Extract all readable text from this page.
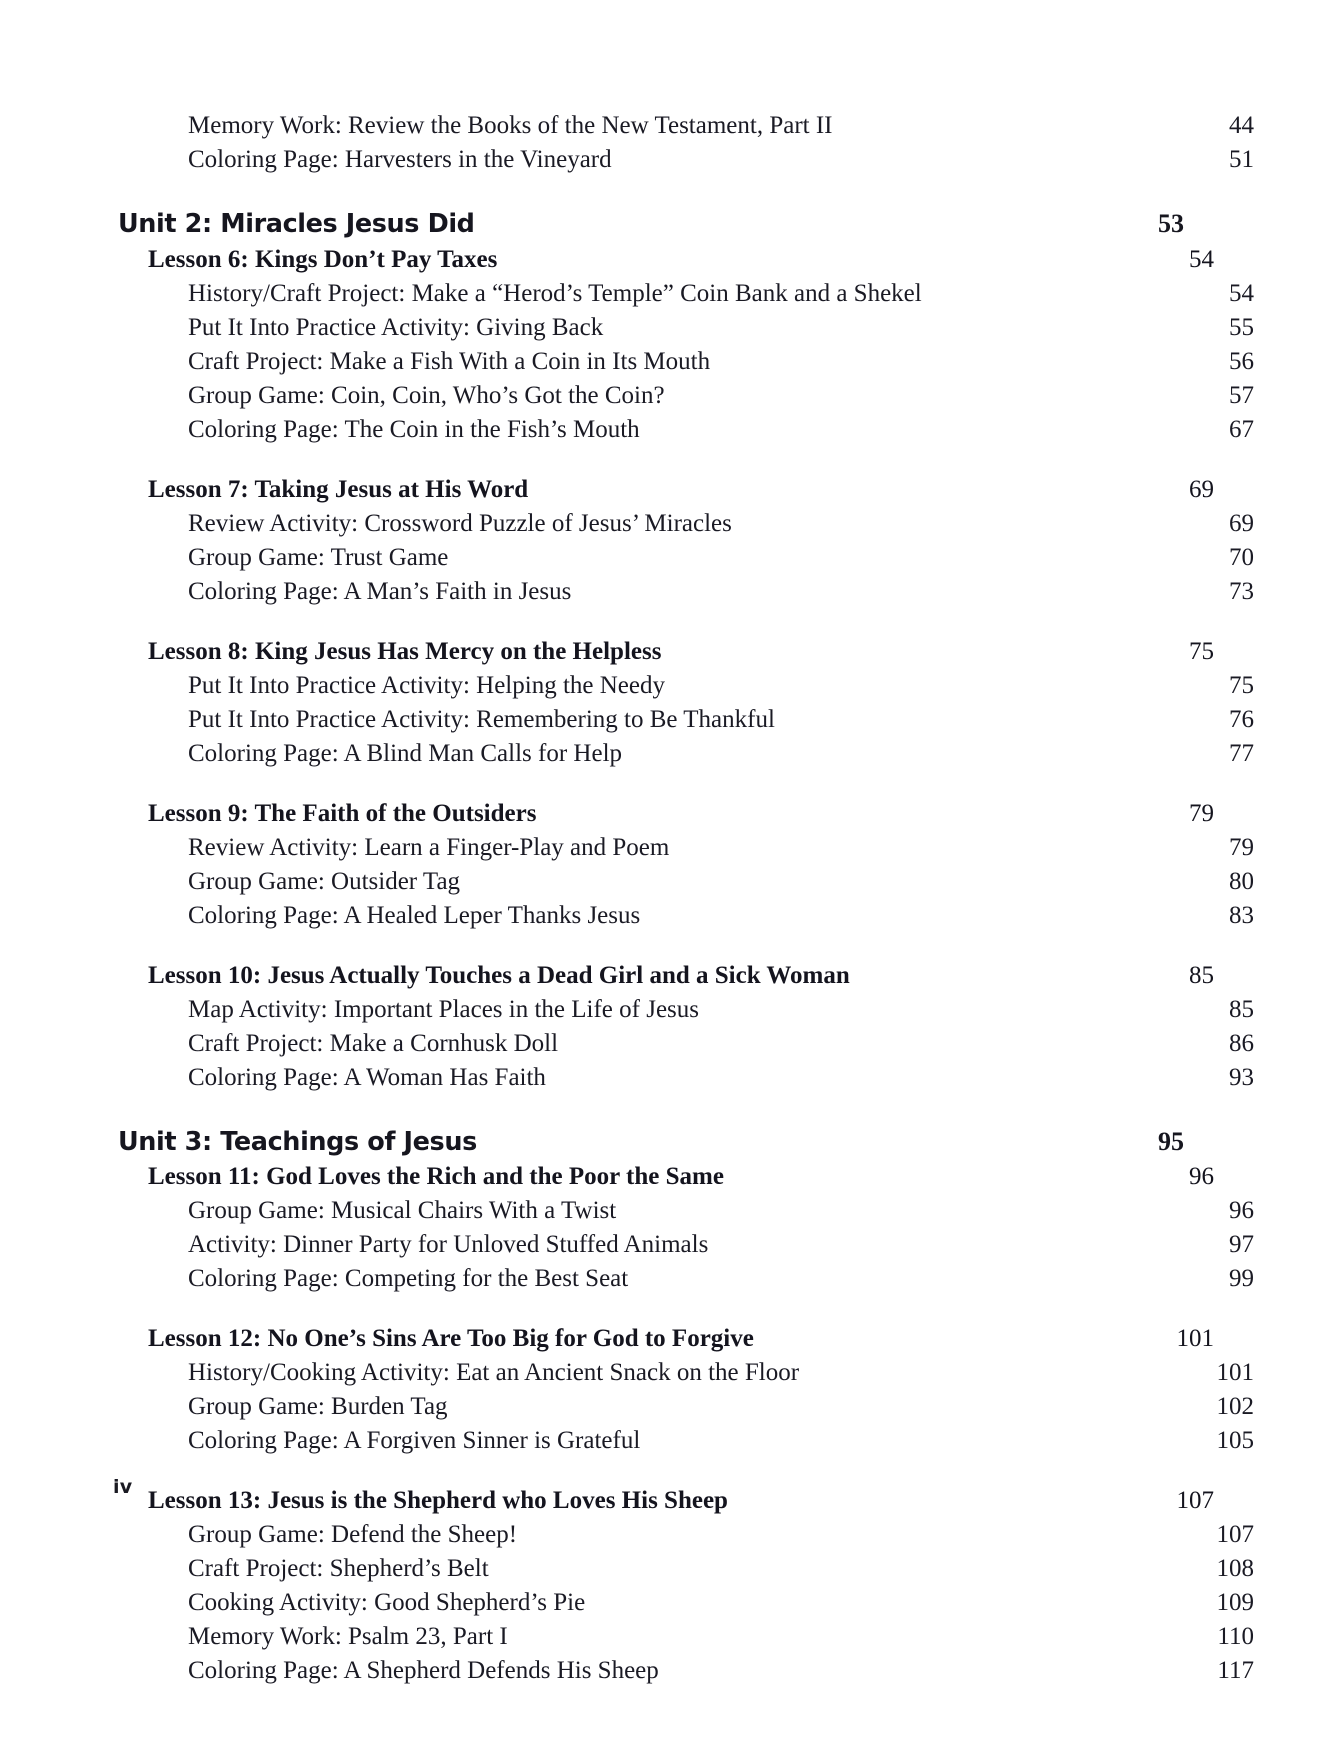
Memory Work: Review the Books of the New Testament, Part II	44
Coloring Page: Harvesters in the Vineyard	51
Unit 2: Miracles Jesus Did	53
Lesson 6: Kings Don’t Pay Taxes	54
History/Craft Project: Make a “Herod’s Temple” Coin Bank and a Shekel	54
Put It Into Practice Activity: Giving Back	55
Craft Project: Make a Fish With a Coin in Its Mouth	56
Group Game: Coin, Coin, Who’s Got the Coin?	57
Coloring Page: The Coin in the Fish’s Mouth	67
Lesson 7: Taking Jesus at His Word	69
Review Activity: Crossword Puzzle of Jesus’ Miracles	69
Group Game: Trust Game	70
Coloring Page: A Man’s Faith in Jesus	73
Lesson 8: King Jesus Has Mercy on the Helpless	75
Put It Into Practice Activity: Helping the Needy	75
Put It Into Practice Activity: Remembering to Be Thankful	76
Coloring Page: A Blind Man Calls for Help	77
Lesson 9: The Faith of the Outsiders	79
Review Activity: Learn a Finger-Play and Poem	79
Group Game: Outsider Tag	80
Coloring Page: A Healed Leper Thanks Jesus	83
Lesson 10: Jesus Actually Touches a Dead Girl and a Sick Woman	85
Map Activity: Important Places in the Life of Jesus	85
Craft Project: Make a Cornhusk Doll	86
Coloring Page: A Woman Has Faith	93
Unit 3: Teachings of Jesus	95
Lesson 11: God Loves the Rich and the Poor the Same	96
Group Game: Musical Chairs With a Twist	96
Activity: Dinner Party for Unloved Stuffed Animals	97
Coloring Page: Competing for the Best Seat	99
Lesson 12: No One’s Sins Are Too Big for God to Forgive	101
History/Cooking Activity: Eat an Ancient Snack on the Floor	101
Group Game: Burden Tag	102
Coloring Page: A Forgiven Sinner is Grateful	105
Lesson 13: Jesus is the Shepherd who Loves His Sheep	107
Group Game: Defend the Sheep!	107
Craft Project: Shepherd’s Belt	108
Cooking Activity: Good Shepherd’s Pie	109
Memory Work: Psalm 23, Part I	110
Coloring Page: A Shepherd Defends His Sheep	117
iv
